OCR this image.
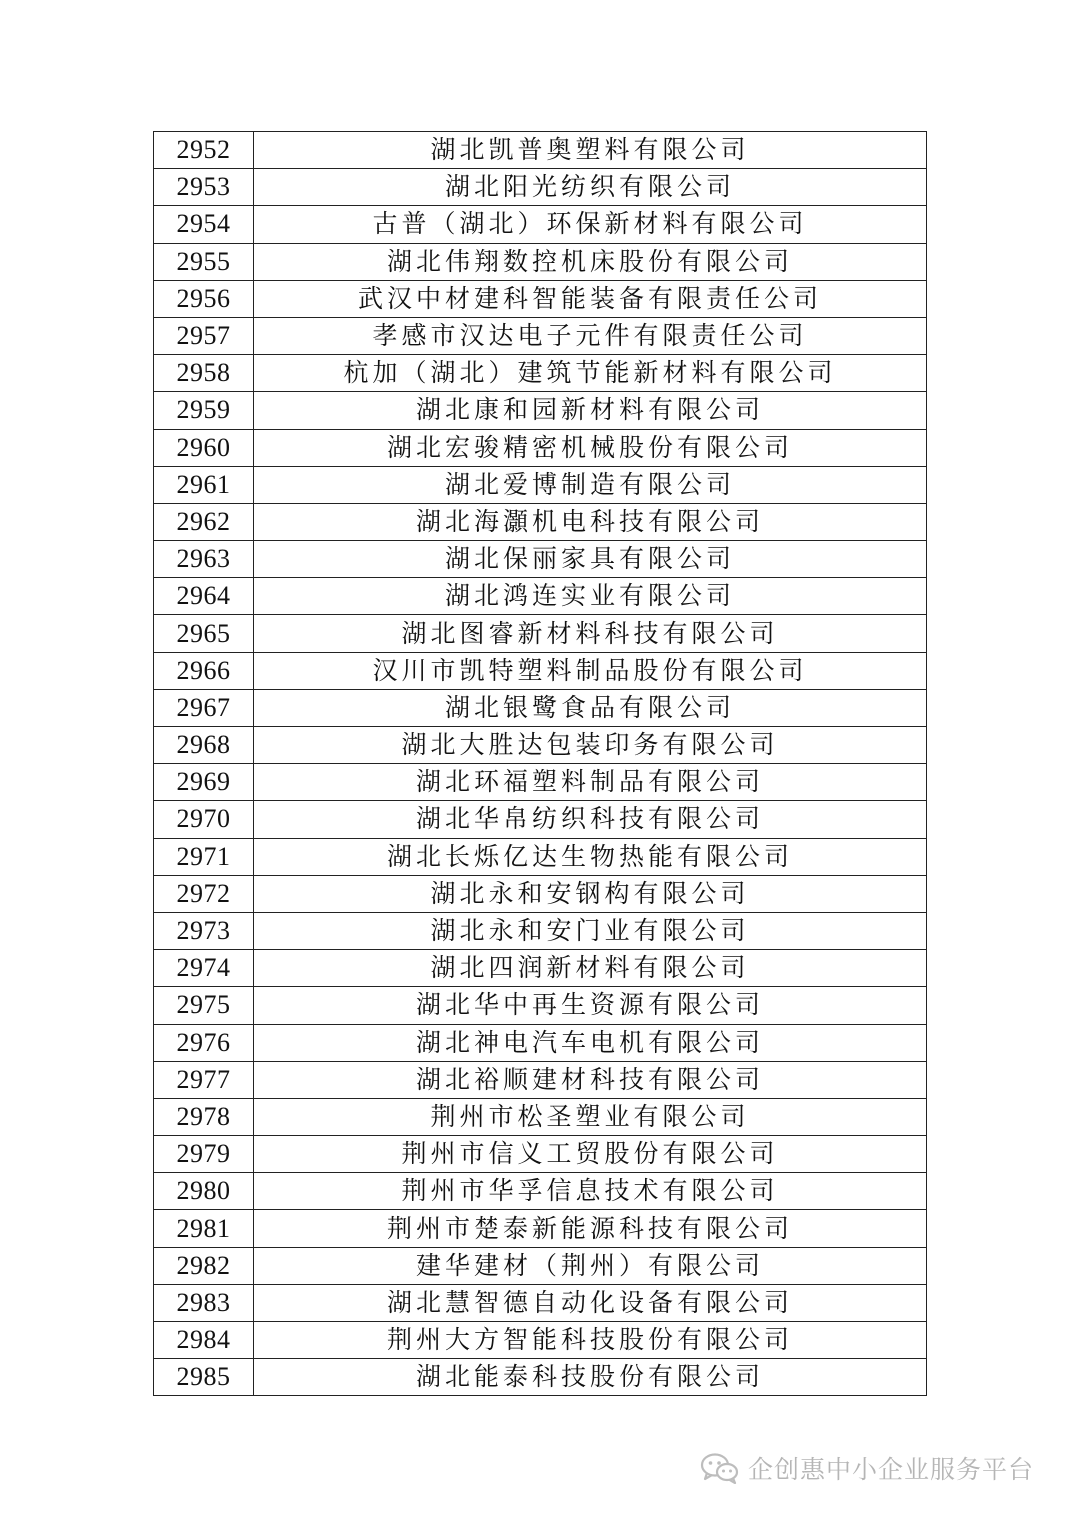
2952	湖北凯普奥塑料有限公司
2953	湖北阳光纺织有限公司
2954	古普（湖北）环保新材料有限公司
2955	湖北伟翔数控机床股份有限公司
2956	武汉中材建科智能装备有限责任公司
2957	孝感市汉达电子元件有限责任公司
2958	杭加（湖北）建筑节能新材料有限公司
2959	湖北康和园新材料有限公司
2960	湖北宏骏精密机械股份有限公司
2961	湖北爱博制造有限公司
2962	湖北海灝机电科技有限公司
2963	湖北保丽家具有限公司
2964	湖北鸿连实业有限公司
2965	湖北图睿新材料科技有限公司
2966	汉川市凯特塑料制品股份有限公司
2967	湖北银鹭食品有限公司
2968	湖北大胜达包装印务有限公司
2969	湖北环福塑料制品有限公司
2970	湖北华帛纺织科技有限公司
2971	湖北长烁亿达生物热能有限公司
2972	湖北永和安钢构有限公司
2973	湖北永和安门业有限公司
2974	湖北四润新材料有限公司
2975	湖北华中再生资源有限公司
2976	湖北神电汽车电机有限公司
2977	湖北裕顺建材科技有限公司
2978	荆州市松圣塑业有限公司
2979	荆州市信义工贸股份有限公司
2980	荆州市华孚信息技术有限公司
2981	荆州市楚泰新能源科技有限公司
2982	建华建材（荆州）有限公司
2983	湖北慧智德自动化设备有限公司
2984	荆州大方智能科技股份有限公司
2985	湖北能泰科技股份有限公司
企创惠中小企业服务平台
